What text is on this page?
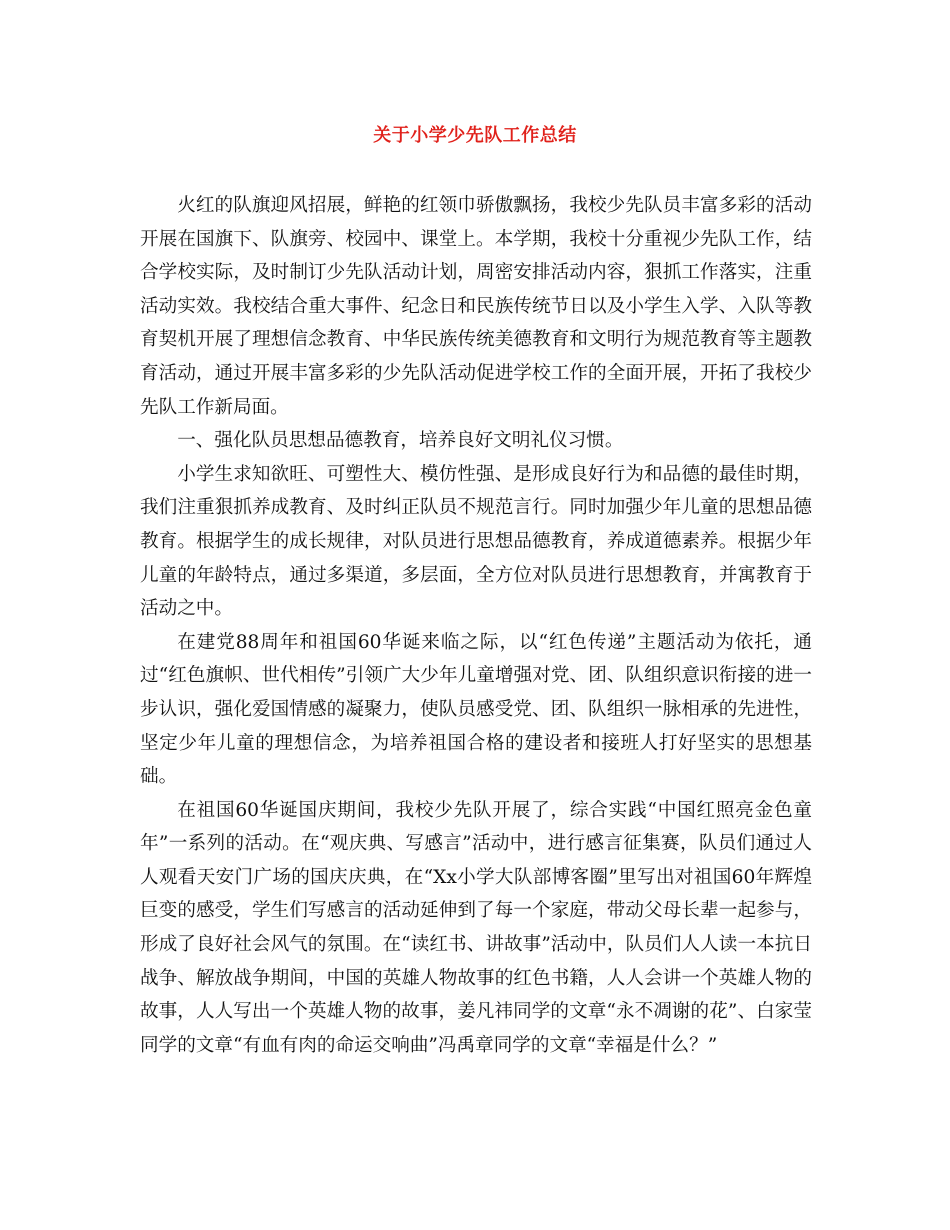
关于小学少先队工作总结

火红的队旗迎风招展，鲜艳的红领巾骄傲飘扬，我校少先队员丰富多彩的活动开展在国旗下、队旗旁、校园中、课堂上。本学期，我校十分重视少先队工作，结合学校实际，及时制订少先队活动计划，周密安排活动内容，狠抓工作落实，注重活动实效。我校结合重大事件、纪念日和民族传统节日以及小学生入学、入队等教育契机开展了理想信念教育、中华民族传统美德教育和文明行为规范教育等主题教育活动，通过开展丰富多彩的少先队活动促进学校工作的全面开展，开拓了我校少先队工作新局面。

一、强化队员思想品德教育，培养良好文明礼仪习惯。

小学生求知欲旺、可塑性大、模仿性强、是形成良好行为和品德的最佳时期，我们注重狠抓养成教育、及时纠正队员不规范言行。同时加强少年儿童的思想品德教育。根据学生的成长规律，对队员进行思想品德教育，养成道德素养。根据少年儿童的年龄特点，通过多渠道，多层面，全方位对队员进行思想教育，并寓教育于活动之中。

在建党88周年和祖国60华诞来临之际，以“红色传递”主题活动为依托，通过“红色旗帜、世代相传”引领广大少年儿童增强对党、团、队组织意识衔接的进一步认识，强化爱国情感的凝聚力，使队员感受党、团、队组织一脉相承的先进性，坚定少年儿童的理想信念，为培养祖国合格的建设者和接班人打好坚实的思想基础。

在祖国60华诞国庆期间，我校少先队开展了，综合实践“中国红照亮金色童年”一系列的活动。在“观庆典、写感言”活动中，进行感言征集赛，队员们通过人人观看天安门广场的国庆庆典，在“Xx小学大队部博客圈”里写出对祖国60年辉煌巨变的感受，学生们写感言的活动延伸到了每一个家庭，带动父母长辈一起参与，形成了良好社会风气的氛围。在“读红书、讲故事”活动中，队员们人人读一本抗日战争、解放战争期间，中国的英雄人物故事的红色书籍，人人会讲一个英雄人物的故事，人人写出一个英雄人物的故事，姜凡祎同学的文章“永不凋谢的花”、白家莹同学的文章“有血有肉的命运交响曲”冯禹章同学的文章“幸福是什么？”
